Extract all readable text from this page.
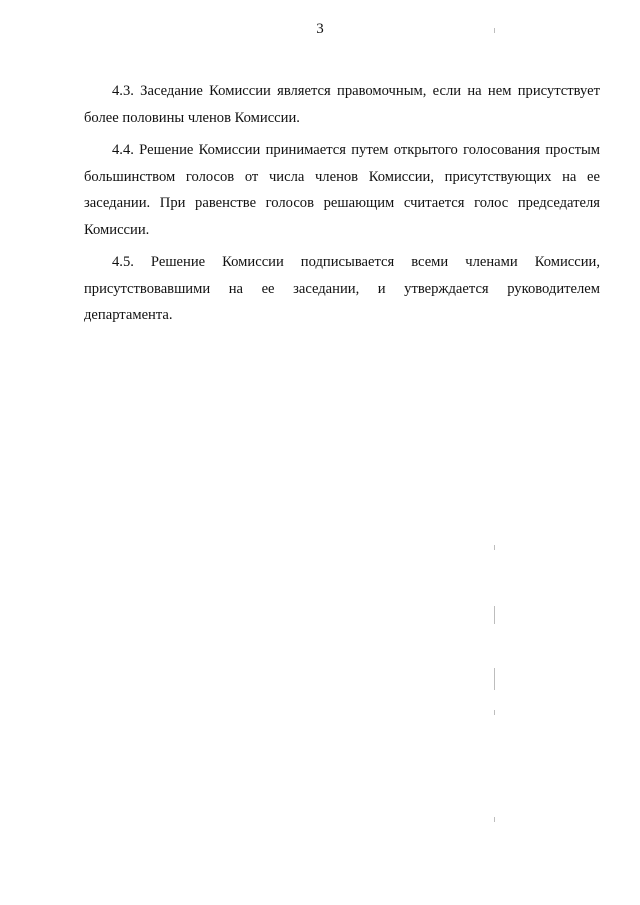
3

4.3. Заседание Комиссии является правомочным, если на нем присутствует более половины членов Комиссии.

4.4. Решение Комиссии принимается путем открытого голосования простым большинством голосов от числа членов Комиссии, присутствующих на ее заседании. При равенстве голосов решающим считается голос председателя Комиссии.

4.5. Решение Комиссии подписывается всеми членами Комиссии, присутствовавшими на ее заседании, и утверждается руководителем департамента.
